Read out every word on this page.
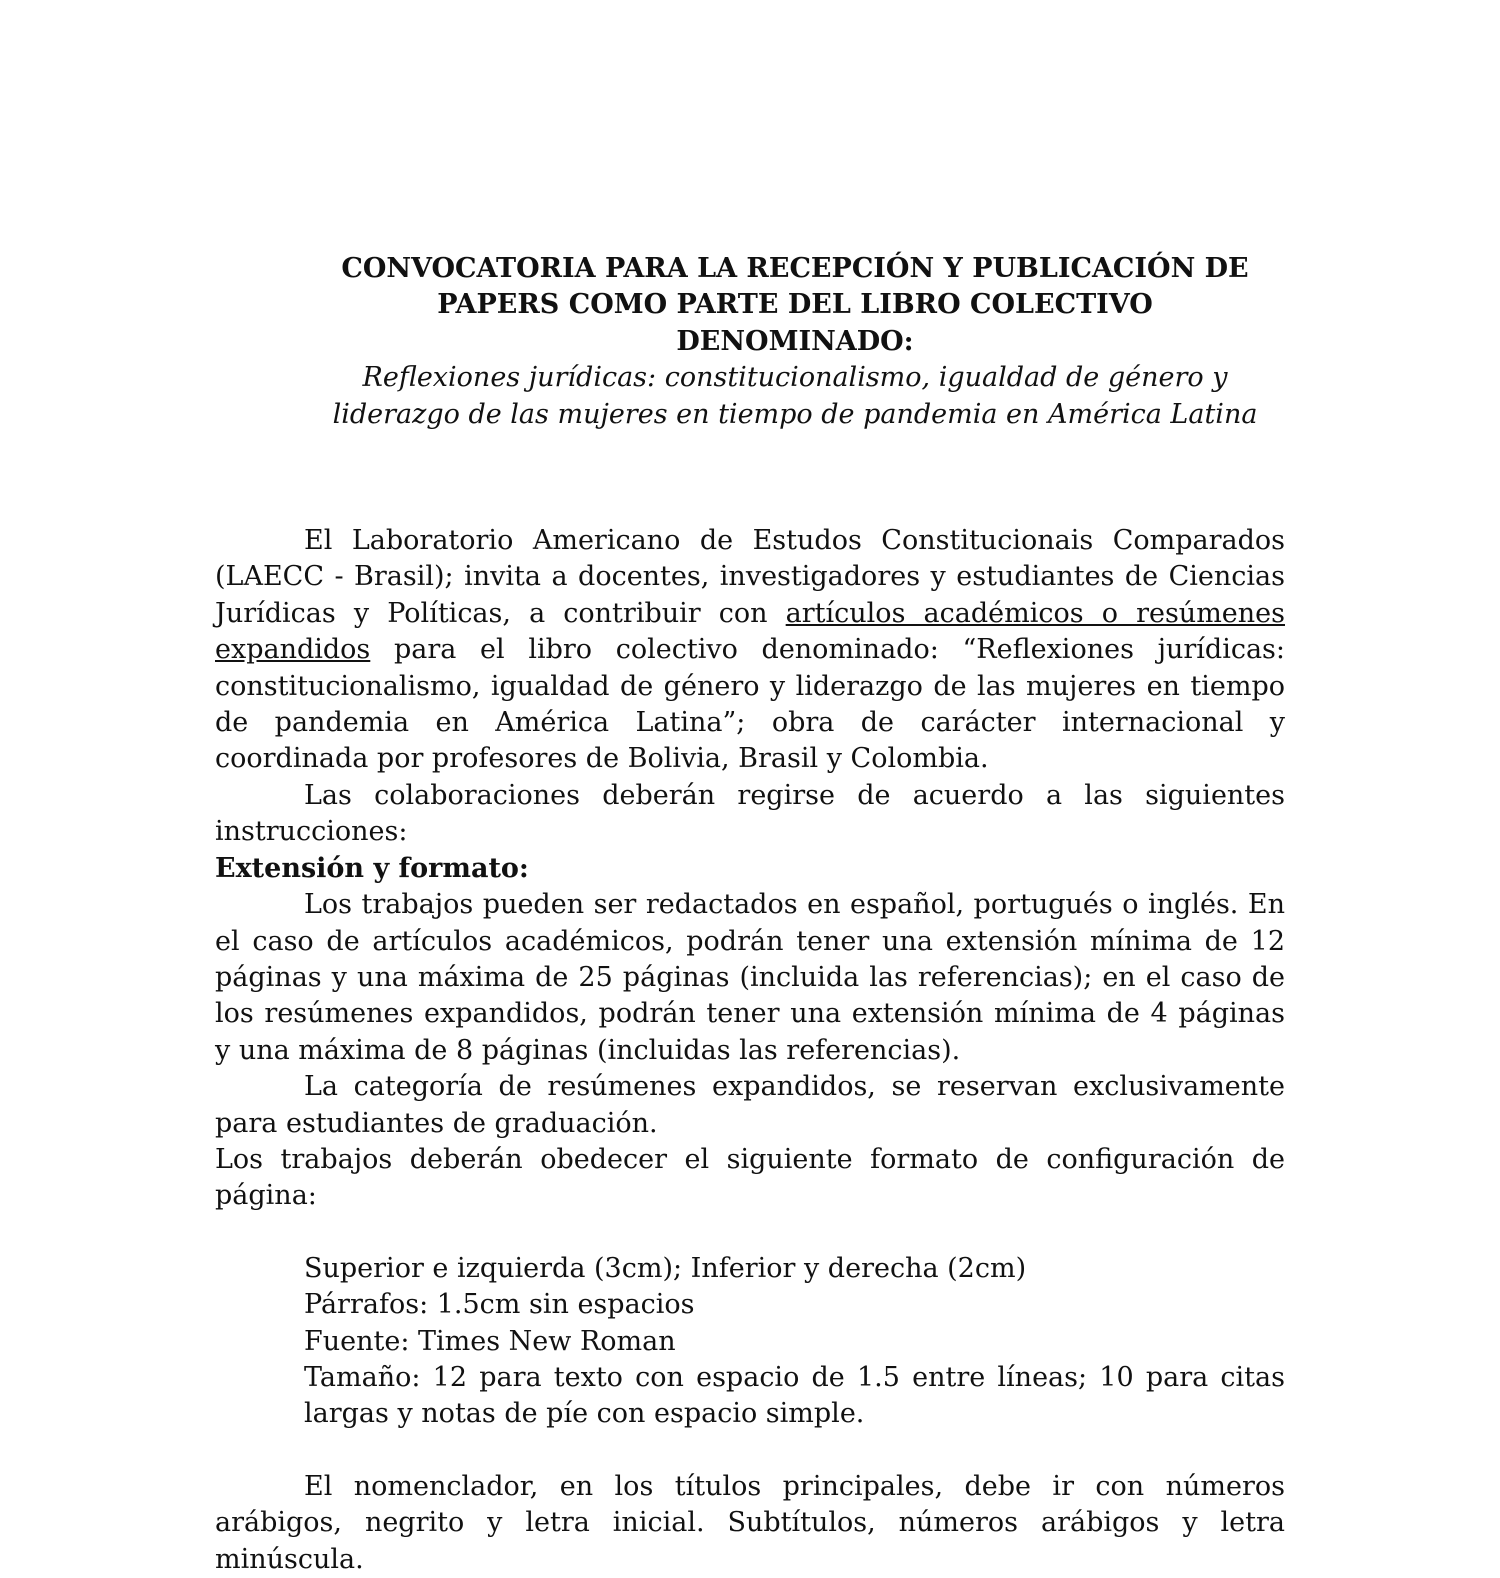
CONVOCATORIA PARA LA RECEPCIÓN Y PUBLICACIÓN DE
PAPERS COMO PARTE DEL LIBRO COLECTIVO
DENOMINADO:
Reflexiones jurídicas: constitucionalismo, igualdad de género y
liderazgo de las mujeres en tiempo de pandemia en América Latina

El Laboratorio Americano de Estudos Constitucionais Comparados (LAECC - Brasil); invita a docentes, investigadores y estudiantes de Ciencias Jurídicas y Políticas, a contribuir con artículos académicos o resúmenes expandidos para el libro colectivo denominado: “Reflexiones jurídicas: constitucionalismo, igualdad de género y liderazgo de las mujeres en tiempo de pandemia en América Latina”; obra de carácter internacional y coordinada por profesores de Bolivia, Brasil y Colombia.

Las colaboraciones deberán regirse de acuerdo a las siguientes instrucciones:

Extensión y formato:

Los trabajos pueden ser redactados en español, portugués o inglés. En el caso de artículos académicos, podrán tener una extensión mínima de 12 páginas y una máxima de 25 páginas (incluida las referencias); en el caso de los resúmenes expandidos, podrán tener una extensión mínima de 4 páginas y una máxima de 8 páginas (incluidas las referencias).

La categoría de resúmenes expandidos, se reservan exclusivamente para estudiantes de graduación.

Los trabajos deberán obedecer el siguiente formato de configuración de página:

Superior e izquierda (3cm); Inferior y derecha (2cm)
Párrafos: 1.5cm sin espacios
Fuente: Times New Roman
Tamaño: 12 para texto con espacio de 1.5 entre líneas; 10 para citas largas y notas de píe con espacio simple.

El nomenclador, en los títulos principales, debe ir con números arábigos, negrito y letra inicial. Subtítulos, números arábigos y letra minúscula.
